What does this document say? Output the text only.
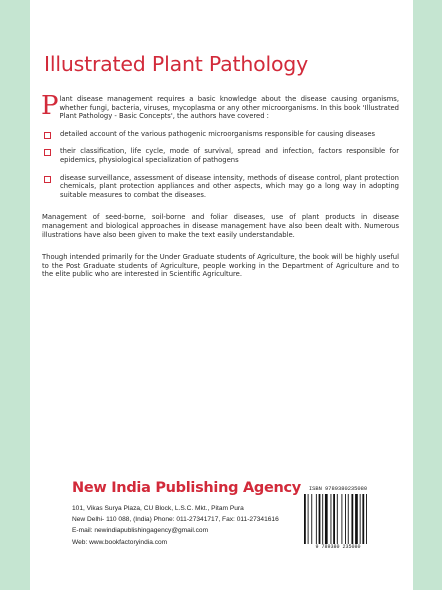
Illustrated Plant Pathology
P lant disease management requires a basic knowledge about the disease causing organisms, whether fungi, bacteria, viruses, mycoplasma or any other microorganisms. In this book 'Illustrated Plant Pathology - Basic Concepts', the authors have covered :
detailed account of the various pathogenic microorganisms responsible for causing diseases
their classification, life cycle, mode of survival, spread and infection, factors responsible for epidemics, physiological specialization of pathogens
disease surveillance, assessment of disease intensity, methods of disease control, plant protection chemicals, plant protection appliances and other aspects, which may go a long way in adopting suitable measures to combat the diseases.

Management of seed-borne, soil-borne and foliar diseases, use of plant products in disease management and biological approaches in disease management have also been dealt with. Numerous illustrations have also been given to make the text easily understandable.

Though intended primarily for the Under Graduate students of Agriculture, the book will be highly useful to the Post Graduate students of Agriculture, people working in the Department of Agriculture and to the elite public who are interested in Scientific Agriculture.

New India Publishing Agency
101, Vikas Surya Plaza, CU Block, L.S.C. Mkt., Pitam Pura
New Delhi- 110 088, (India) Phone: 011-27341717, Fax: 011-27341616
E-mail: newindiapublishingagency@gmail.com
Web: www.bookfactoryindia.com
ISBN 9789380235080
9 789380 235080
